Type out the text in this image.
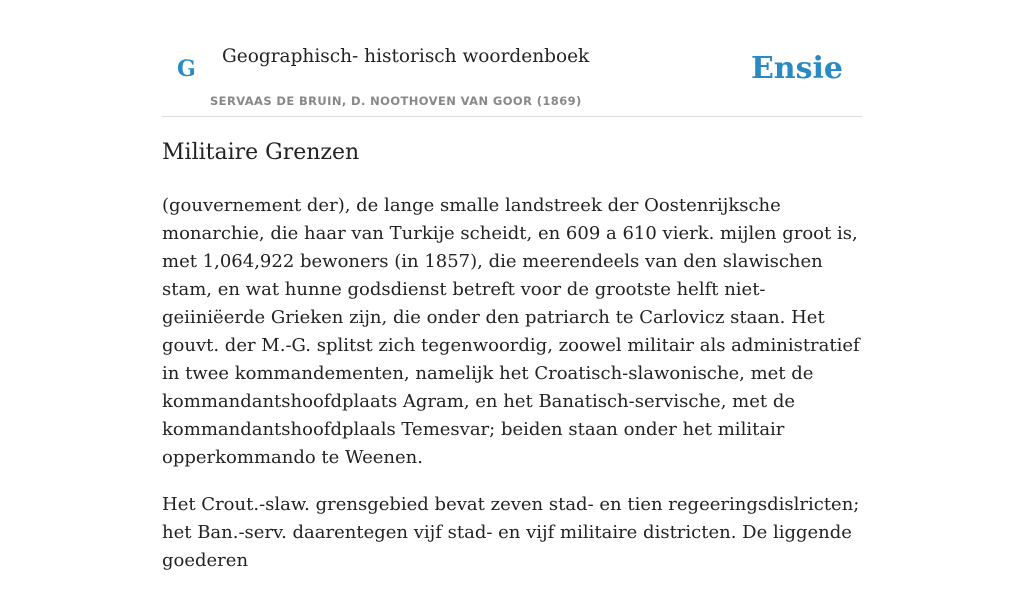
G Geographisch- historisch woordenboek
SERVAAS DE BRUIN, D. NOOTHOVEN VAN GOOR (1869)
Ensie
Militaire Grenzen

(gouvernement der), de lange smalle landstreek der Oostenrijksche monarchie, die haar van Turkije scheidt, en 609 a 610 vierk. mijlen groot is, met 1,064,922 bewoners (in 1857), die meerendeels van den slawischen stam, en wat hunne godsdienst betreft voor de grootste helft niet-geiiniëerde Grieken zijn, die onder den patriarch te Carlovicz staan. Het gouvt. der M.-G. splitst zich tegenwoordig, zoowel militair als administratief in twee kommandementen, namelijk het Croatisch-slawonische, met de kommandantshoofdplaats Agram, en het Banatisch-servische, met de kommandantshoofdplaals Temesvar; beiden staan onder het militair opperkommando te Weenen.

Het Crout.-slaw. grensgebied bevat zeven stad- en tien regeeringsdislricten; het Ban.-serv. daarentegen vijf stad- en vijf militaire districten. De liggende goederen
